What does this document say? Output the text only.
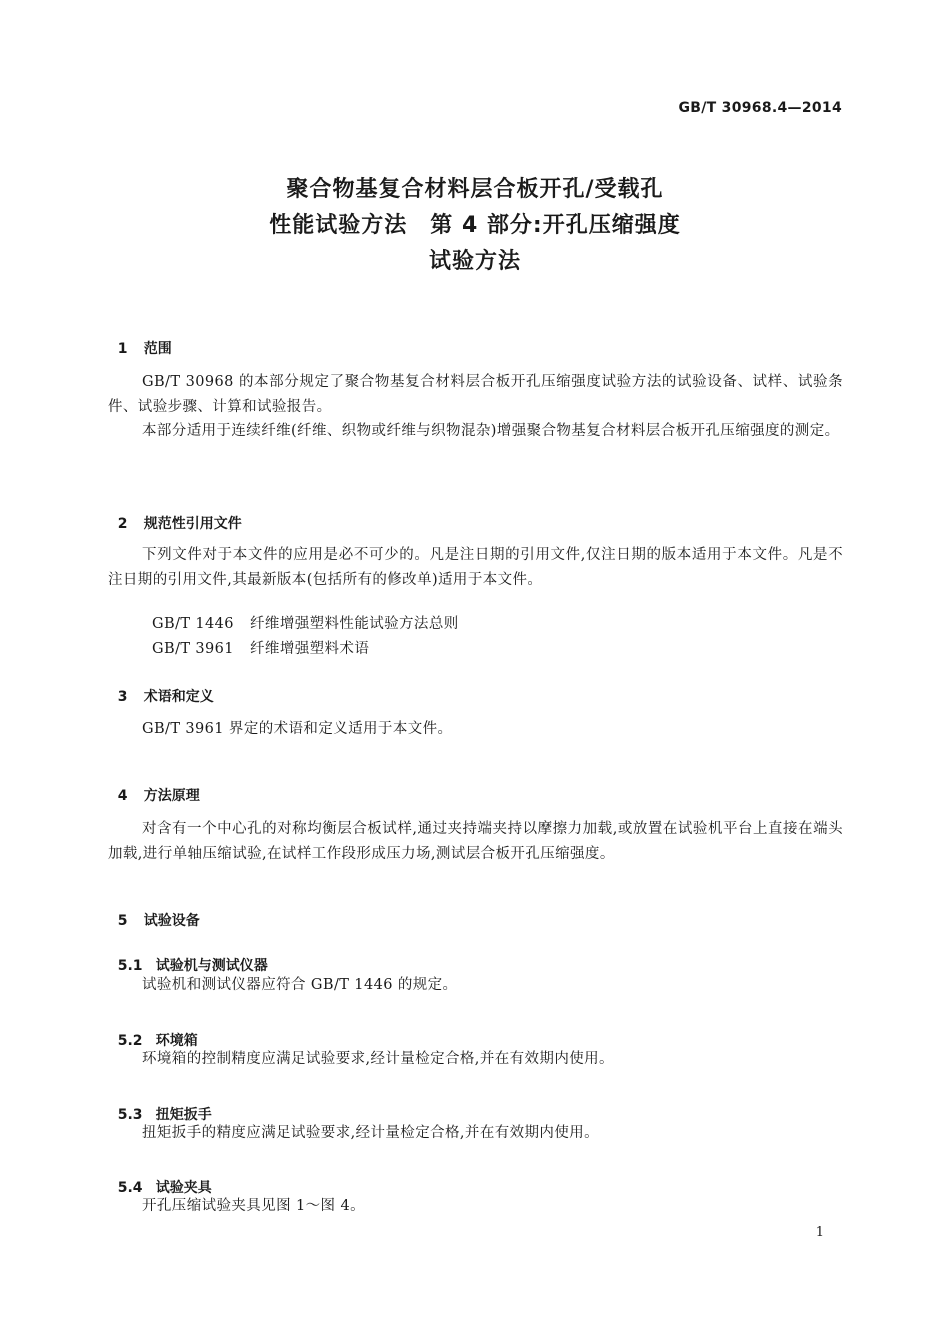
GB/T 30968.4—2014
聚合物基复合材料层合板开孔/受载孔
性能试验方法　第 4 部分:开孔压缩强度
试验方法

1 范围

GB/T 30968 的本部分规定了聚合物基复合材料层合板开孔压缩强度试验方法的试验设备、试样、试验条件、试验步骤、计算和试验报告。
本部分适用于连续纤维(纤维、织物或纤维与织物混杂)增强聚合物基复合材料层合板开孔压缩强度的测定。

2 规范性引用文件

下列文件对于本文件的应用是必不可少的。凡是注日期的引用文件,仅注日期的版本适用于本文件。凡是不注日期的引用文件,其最新版本(包括所有的修改单)适用于本文件。

GB/T 1446 纤维增强塑料性能试验方法总则

GB/T 3961 纤维增强塑料术语

3 术语和定义

GB/T 3961 界定的术语和定义适用于本文件。

4 方法原理

对含有一个中心孔的对称均衡层合板试样,通过夹持端夹持以摩擦力加载,或放置在试验机平台上直接在端头加载,进行单轴压缩试验,在试样工作段形成压力场,测试层合板开孔压缩强度。

5 试验设备

5.1 试验机与测试仪器

试验机和测试仪器应符合 GB/T 1446 的规定。

5.2 环境箱

环境箱的控制精度应满足试验要求,经计量检定合格,并在有效期内使用。

5.3 扭矩扳手

扭矩扳手的精度应满足试验要求,经计量检定合格,并在有效期内使用。

5.4 试验夹具

开孔压缩试验夹具见图 1～图 4。
1
